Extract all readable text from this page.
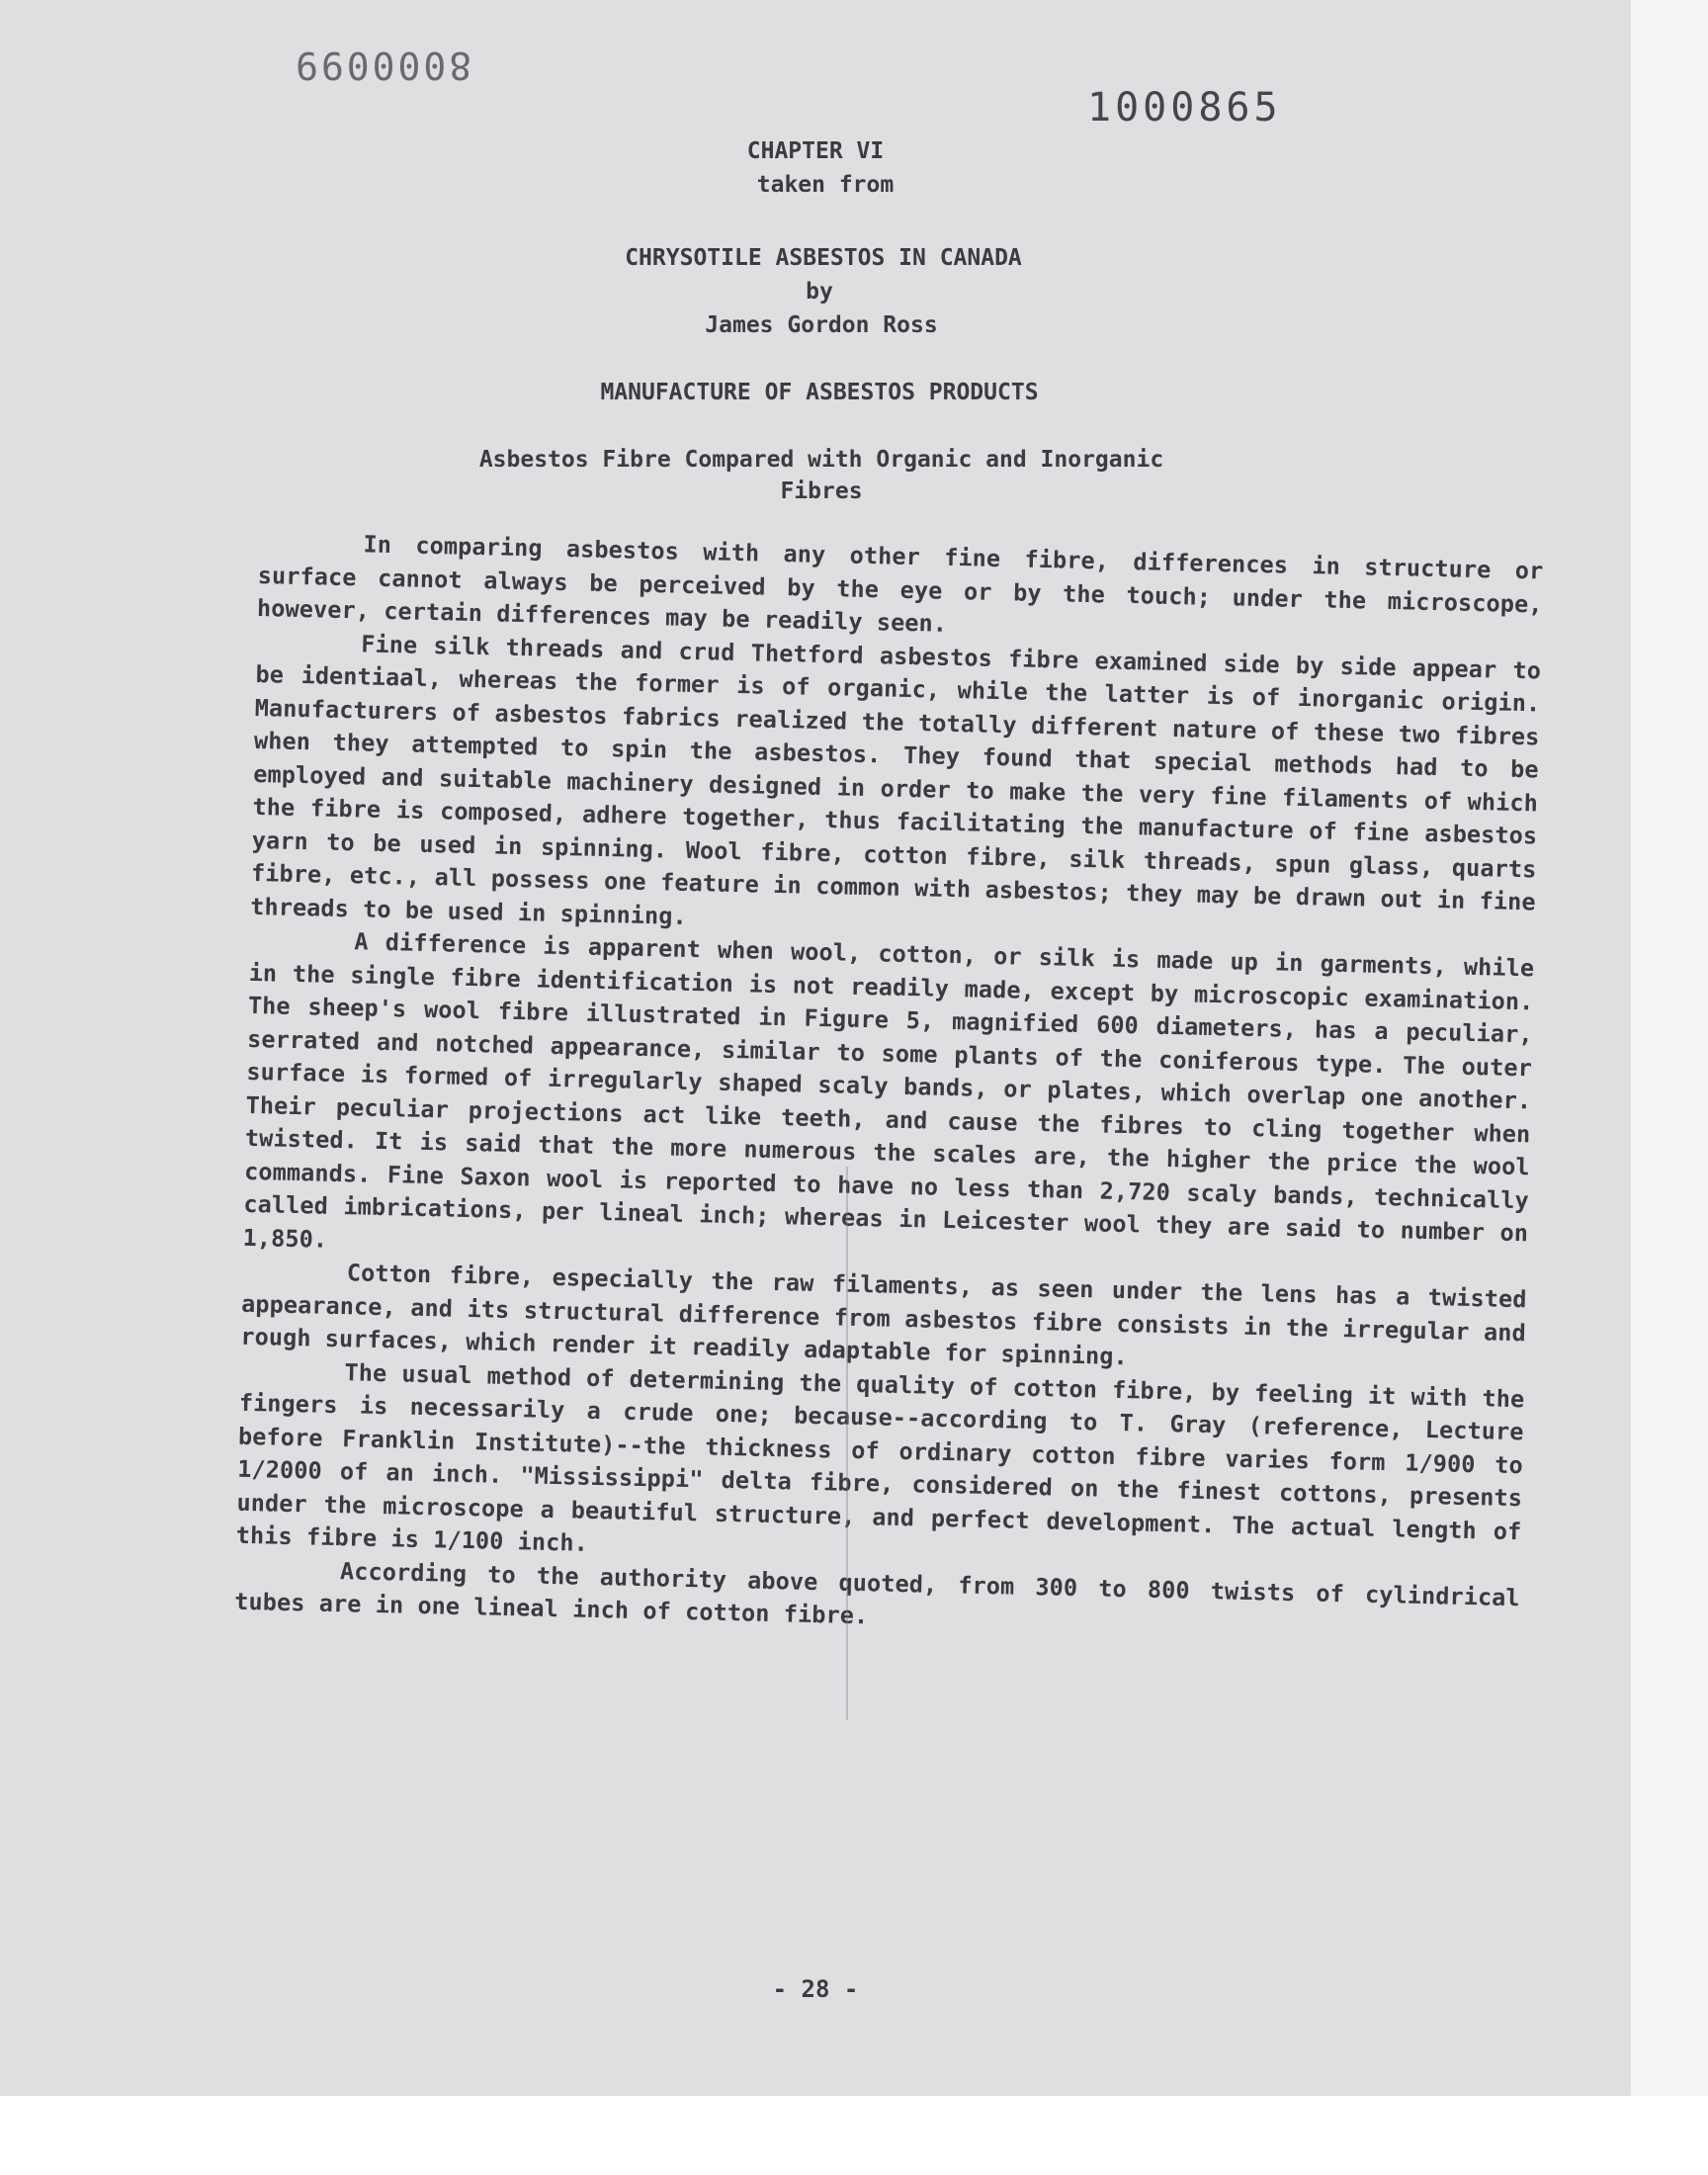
8000099
1000865
CHAPTER VI
taken from
CHRYSOTILE ASBESTOS IN CANADA
by
James Gordon Ross
MANUFACTURE OF ASBESTOS PRODUCTS
Asbestos Fibre Compared with Organic and Inorganic
Fibres

In comparing asbestos with any other fine fibre, differences in structure or surface cannot always be perceived by the eye or by the touch; under the microscope, however, certain differences may be readily seen.

Fine silk threads and crud Thetford asbestos fibre examined side by side appear to be identiaal, whereas the former is of organic, while the latter is of inorganic origin. Manufacturers of asbestos fabrics realized the totally different nature of these two fibres when they attempted to spin the asbestos. They found that special methods had to be employed and suitable machinery designed in order to make the very fine filaments of which the fibre is composed, adhere together, thus facilitating the manufacture of fine asbestos yarn to be used in spinning. Wool fibre, cotton fibre, silk threads, spun glass, quarts fibre, etc., all possess one feature in common with asbestos; they may be drawn out in fine threads to be used in spinning.

A difference is apparent when wool, cotton, or silk is made up in garments, while in the single fibre identification is not readily made, except by microscopic examination. The sheep's wool fibre illustrated in Figure 5, magnified 600 diameters, has a peculiar, serrated and notched appearance, similar to some plants of the coniferous type. The outer surface is formed of irregularly shaped scaly bands, or plates, which overlap one another. Their peculiar projections act like teeth, and cause the fibres to cling together when twisted. It is said that the more numerous the scales are, the higher the price the wool commands. Fine Saxon wool is reported to have no less than 2,720 scaly bands, technically called imbrications, per lineal inch; whereas in Leicester wool they are said to number on 1,850.

Cotton fibre, especially the raw filaments, as seen under the lens has a twisted appearance, and its structural difference from asbestos fibre consists in the irregular and rough surfaces, which render it readily adaptable for spinning.

The usual method of determining the quality of cotton fibre, by feeling it with the fingers is necessarily a crude one; because--according to T. Gray (reference, Lecture before Franklin Institute)--the thickness of ordinary cotton fibre varies form 1/900 to 1/2000 of an inch. "Mississippi" delta fibre, considered on the finest cottons, presents under the microscope a beautiful structure, and perfect development. The actual length of this fibre is 1/100 inch.

According to the authority above quoted, from 300 to 800 twists of cylindrical tubes are in one lineal inch of cotton fibre.

- 28 -
